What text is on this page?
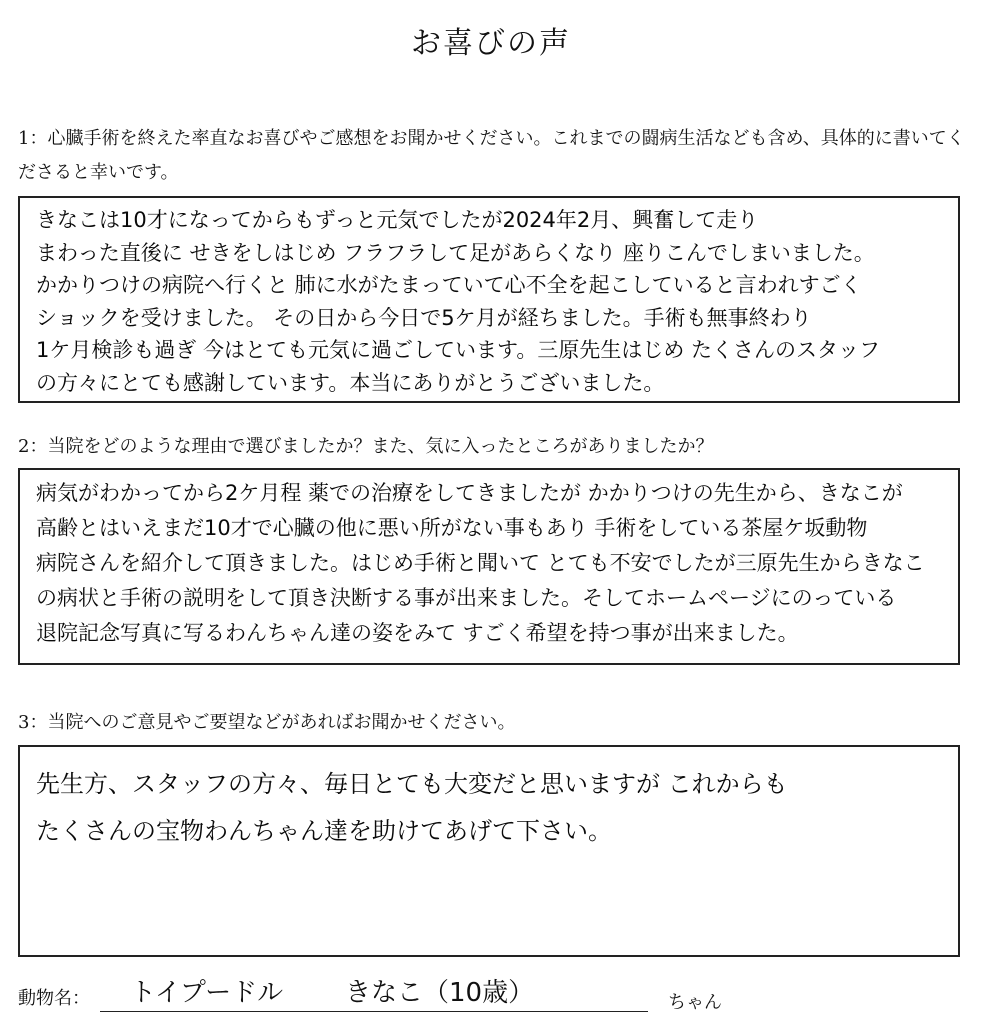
お喜びの声
1：心臓手術を終えた率直なお喜びやご感想をお聞かせください。これまでの闘病生活なども含め、具体的に書いてくださると幸いです。
きなこは10才になってからもずっと元気でしたが2024年2月、興奮して走り
まわった直後に せきをしはじめ フラフラして足があらくなり 座りこんでしまいました。
かかりつけの病院へ行くと 肺に水がたまっていて心不全を起こしていると言われすごく
ショックを受けました。 その日から今日で5ケ月が経ちました。手術も無事終わり
1ケ月検診も過ぎ 今はとても元気に過ごしています。三原先生はじめ たくさんのスタッフ
の方々にとても感謝しています。本当にありがとうございました。
2：当院をどのような理由で選びましたか？また、気に入ったところがありましたか？
病気がわかってから2ケ月程 薬での治療をしてきましたが かかりつけの先生から、きなこが
高齢とはいえまだ10才で心臓の他に悪い所がない事もあり 手術をしている茶屋ケ坂動物
病院さんを紹介して頂きました。はじめ手術と聞いて とても不安でしたが三原先生からきなこ
の病状と手術の説明をして頂き決断する事が出来ました。そしてホームページにのっている
退院記念写真に写るわんちゃん達の姿をみて すごく希望を持つ事が出来ました。
3：当院へのご意見やご要望などがあればお聞かせください。
先生方、スタッフの方々、毎日とても大変だと思いますが これからも
たくさんの宝物わんちゃん達を助けてあげて下さい。
動物名： トイプードル きなこ（10歳）	ちゃん
